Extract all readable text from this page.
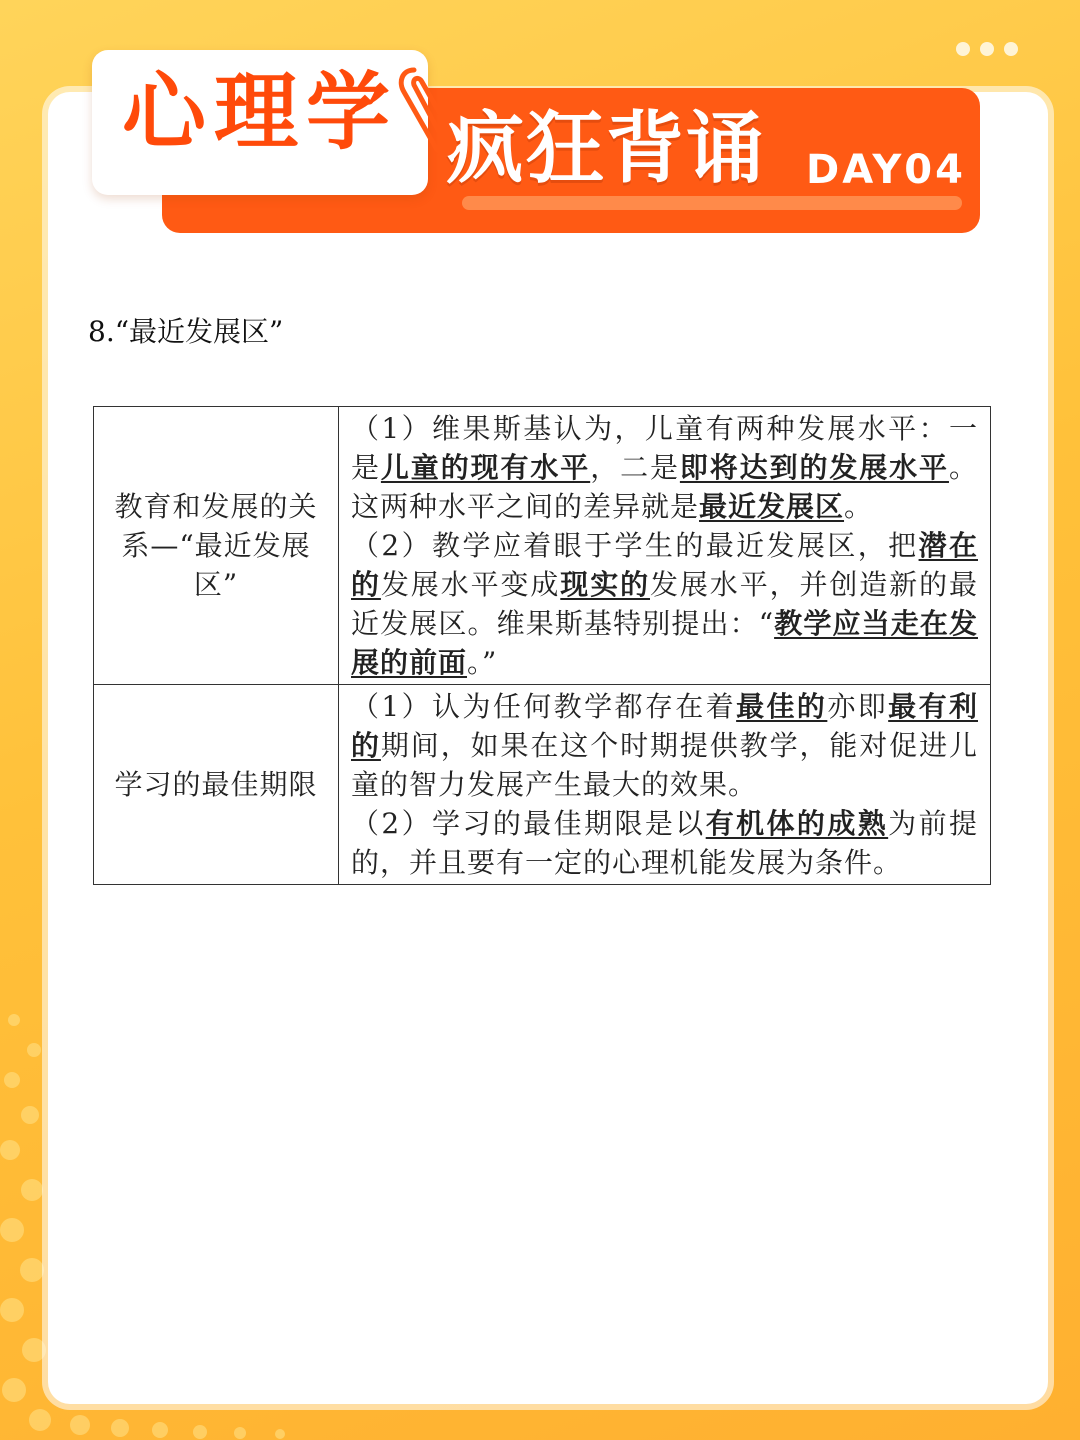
心理学 疯狂背诵 DAY04
8.“最近发展区”
教育和发展的关系—“最近发展区”	（1）维果斯基认为，儿童有两种发展水平：一是儿童的现有水平，二是即将达到的发展水平。这两种水平之间的差异就是最近发展区。
（2）教学应着眼于学生的最近发展区，把潜在的发展水平变成现实的发展水平，并创造新的最近发展区。维果斯基特别提出：“教学应当走在发展的前面。”

学习的最佳期限	（1）认为任何教学都存在着最佳的亦即最有利的期间，如果在这个时期提供教学，能对促进儿童的智力发展产生最大的效果。
（2）学习的最佳期限是以有机体的成熟为前提的，并且要有一定的心理机能发展为条件。
